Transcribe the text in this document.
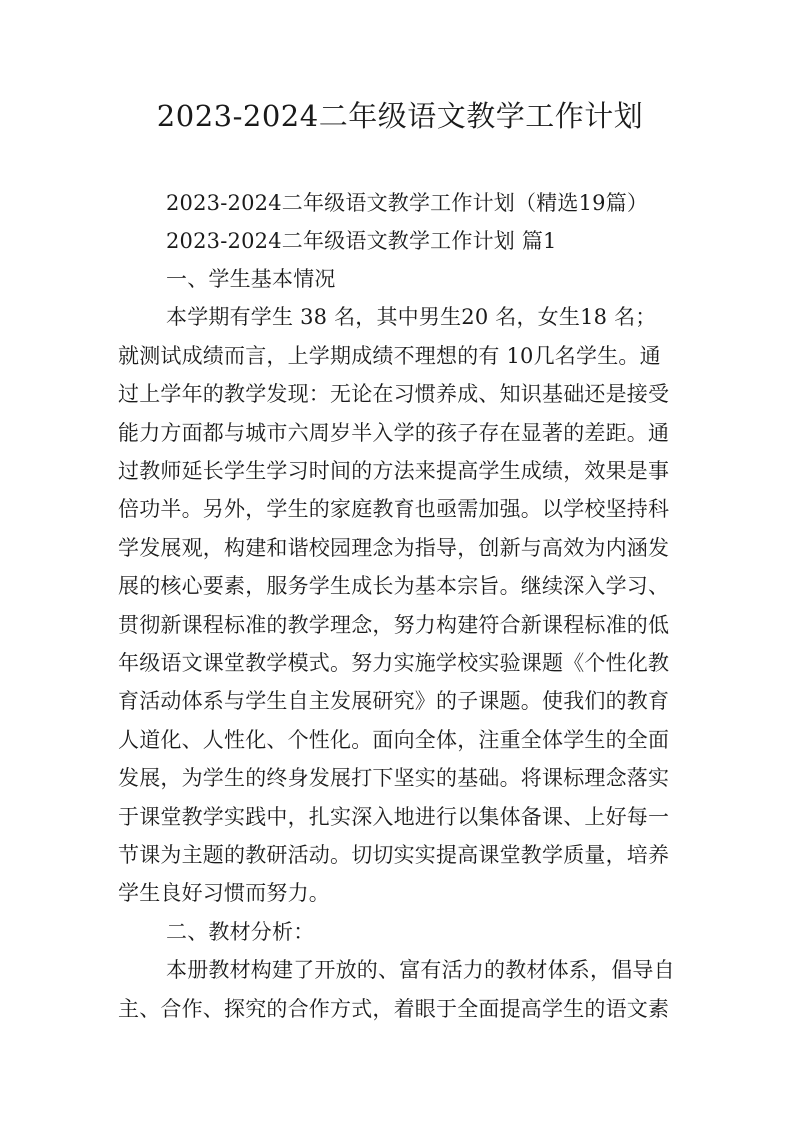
2023-2024二年级语文教学工作计划
2023-2024二年级语文教学工作计划（精选19篇）
2023-2024二年级语文教学工作计划 篇1
一、学生基本情况
本学期有学生 38 名，其中男生20 名，女生18 名；
就测试成绩而言，上学期成绩不理想的有 10几名学生。通
过上学年的教学发现：无论在习惯养成、知识基础还是接受
能力方面都与城市六周岁半入学的孩子存在显著的差距。通
过教师延长学生学习时间的方法来提高学生成绩，效果是事
倍功半。另外，学生的家庭教育也亟需加强。以学校坚持科
学发展观，构建和谐校园理念为指导，创新与高效为内涵发
展的核心要素，服务学生成长为基本宗旨。继续深入学习、
贯彻新课程标准的教学理念，努力构建符合新课程标准的低
年级语文课堂教学模式。努力实施学校实验课题《个性化教
育活动体系与学生自主发展研究》的子课题。使我们的教育
人道化、人性化、个性化。面向全体，注重全体学生的全面
发展，为学生的终身发展打下坚实的基础。将课标理念落实
于课堂教学实践中，扎实深入地进行以集体备课、上好每一
节课为主题的教研活动。切切实实提高课堂教学质量，培养
学生良好习惯而努力。
二、教材分析：
本册教材构建了开放的、富有活力的教材体系，倡导自
主、合作、探究的合作方式，着眼于全面提高学生的语文素
